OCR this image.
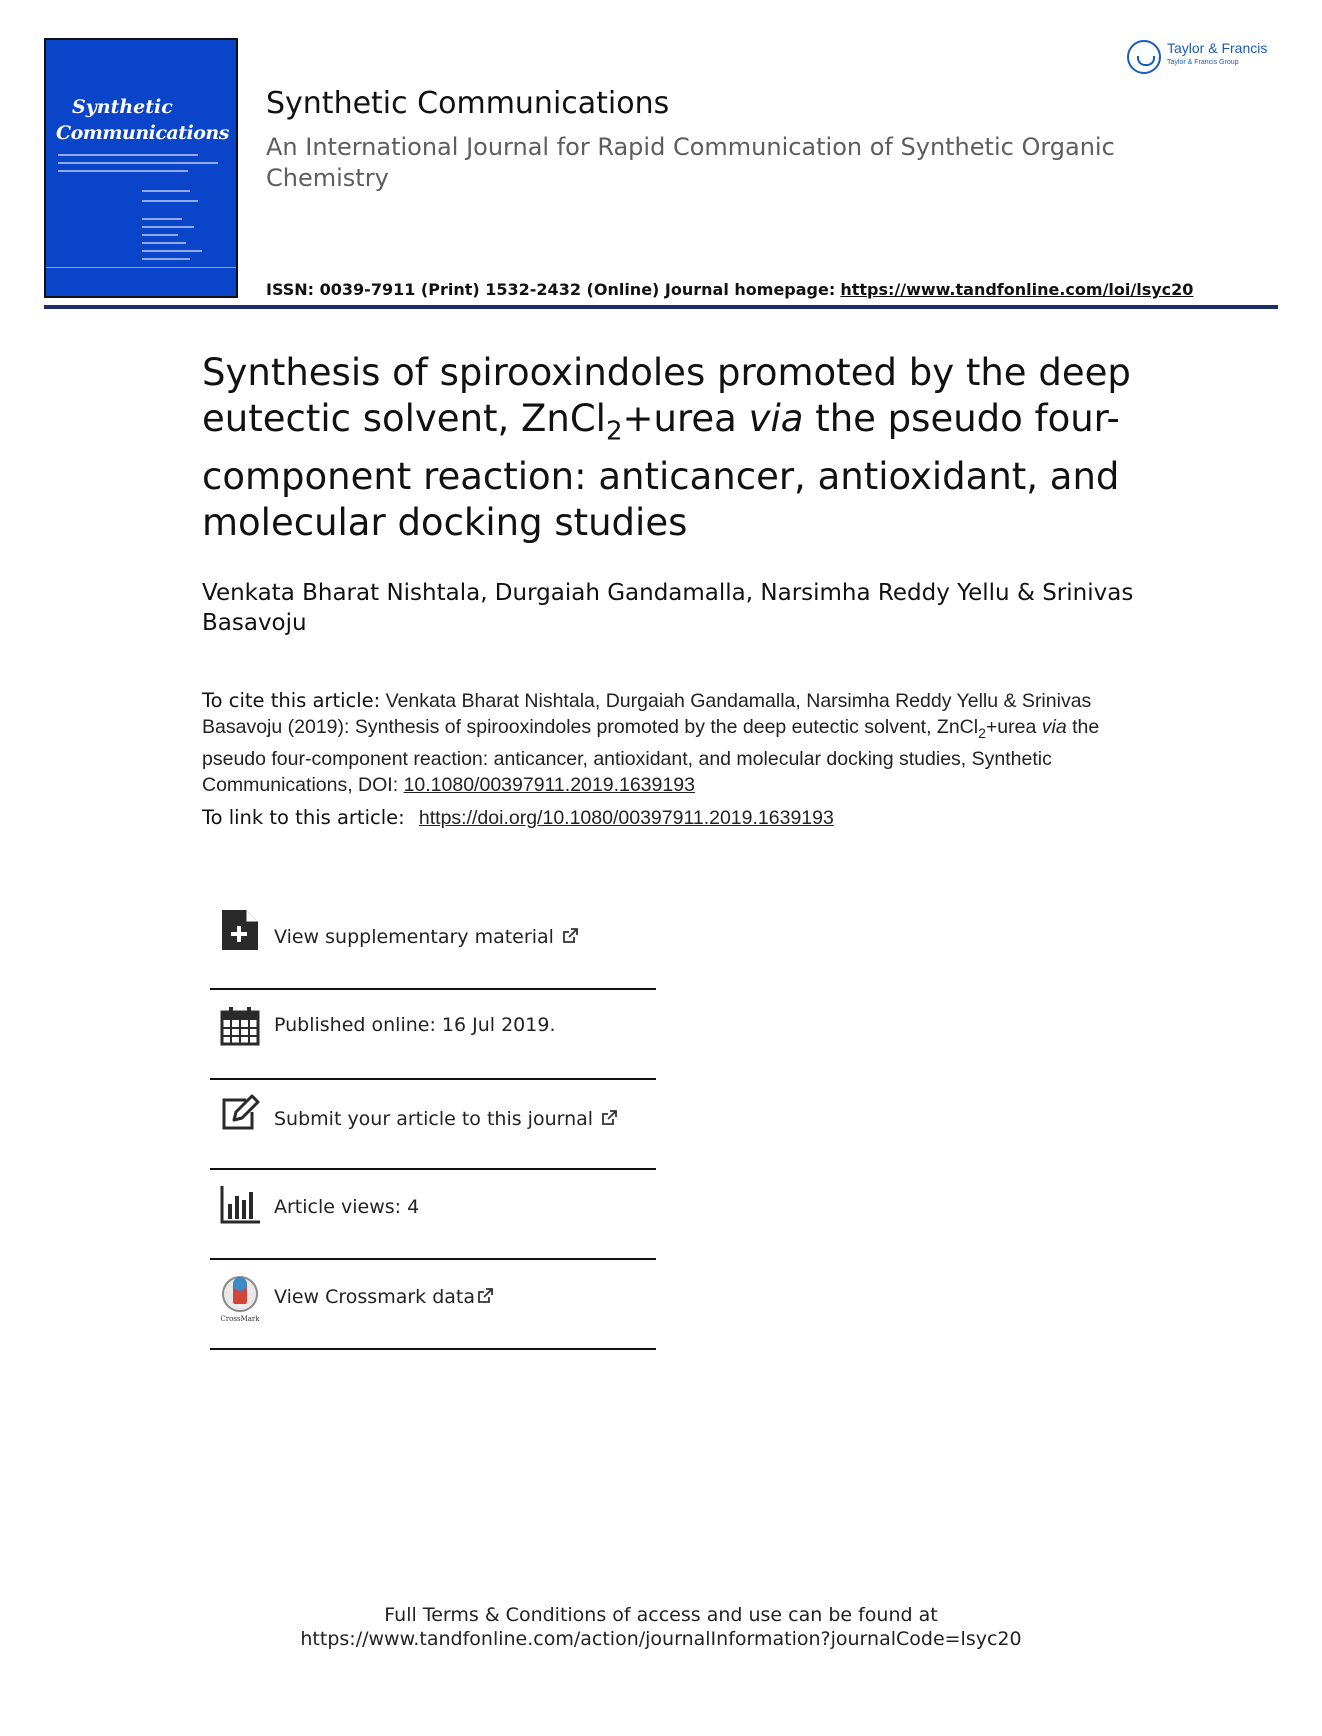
Synthetic
Communications
Taylor & Francis
Taylor & Francis Group
Synthetic Communications
An International Journal for Rapid Communication of Synthetic Organic Chemistry
ISSN: 0039-7911 (Print) 1532-2432 (Online) Journal homepage: https://www.tandfonline.com/loi/lsyc20
Synthesis of spirooxindoles promoted by the deep eutectic solvent, ZnCl$_2$+urea via the pseudo four-component reaction: anticancer, antioxidant, and molecular docking studies
Venkata Bharat Nishtala, Durgaiah Gandamalla, Narsimha Reddy Yellu & Srinivas Basavoju
To cite this article: Venkata Bharat Nishtala, Durgaiah Gandamalla, Narsimha Reddy Yellu & Srinivas Basavoju (2019): Synthesis of spirooxindoles promoted by the deep eutectic solvent, ZnCl$_2$+urea via the pseudo four-component reaction: anticancer, antioxidant, and molecular docking studies, Synthetic Communications, DOI: 10.1080/00397911.2019.1639193
To link to this article: https://doi.org/10.1080/00397911.2019.1639193
View supplementary material
Published online: 16 Jul 2019.
Submit your article to this journal
Article views: 4
CrossMark
View Crossmark data
Full Terms & Conditions of access and use can be found at
https://www.tandfonline.com/action/journalInformation?journalCode=lsyc20
